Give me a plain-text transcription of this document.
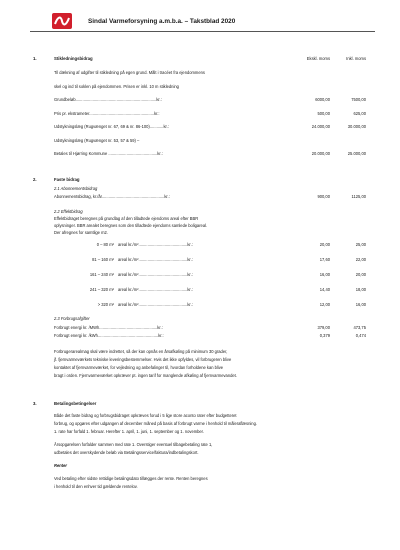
Sindal Varmeforsyning a.m.b.a. – Takstblad 2020
1.	Stikledningsbidrag	Ekskl. moms	Inkl. moms
Til dækning af udgifter til stikledning på egen grund. Målt i tracéet fra ejendommens
skel og ind til soklen på ejendommen. Prisen er inkl. 10 m stikledning
Grundbeløb.......................................................................kr.:	6000,00	7500,00
Pris pr. ekstrameter.........................................................kr.:	500,00	625,00
Udstykningslæg (Rugvænget nr. 67, 69 & nr. 86-100)............kr.:	24.000,00	30.000,00
Udstykningslæg (Rugvænget nr. 53, 57 & 59) –
Betales til Hjørring Kommune ...........................................kr.:	20.000,00	25.000,00
2.	Faste bidrag
2.1 Abonnementsbidrag
Abonnementsbidrag, kr./år.......................................................kr.:	900,00	1125,00
2.2 Effektbidrag
Effektbidraget beregnes på grundlag af den tilladtede ejendoms areal efter BBR
oplysninger. BBR arealet beregnes som den tilladtede ejendoms samlede boligareal.
Der afregnes for samtlige m2.
0 – 80 m² areal kr./m²...........................................kr.:	20,00	25,00
81 – 160 m² areal kr./m²...........................................kr.:	17,60	22,00
161 – 240 m² areal kr./m²...........................................kr.:	16,00	20,00
241 – 320 m² areal kr./m²...........................................kr.:	14,40	18,00
> 320 m² areal kr./m²...........................................kr.:	12,00	16,00
2.3 Forbrugsafgifter
Forbrugt energi kr. /MWh...................................................kr.:	379,00	473,75
Forbrugt energi kr. /kWh.....................................................kr.:	0,379	0,474
Forbrugerarealmag skal være indrettet, så der kan opnås en årsafkøling på minimum 30 grader,
jf. fjernvarmeværkets tekniske leveringsbestemmelser. Hvis det ikke opfyldes, vil forbrugeren blive
kontaktet af fjernvarmeværket, for vejledning og anbefalinger til, hvordan forholdene kan blive
bragt i orden. Fjernvarmeværket opkræver pt. ingen tarif for manglende afkøling af fjernvarmevandet.
3.	Betalingsbetingelser
Både det faste bidrag og forbrugsbidraget opkræves forud i 5 lige store aconto rater efter budgetteret
forbrug, og opgøres efter udgangen af december måned på basis af forbrugt varme i henhold til måleraflæsning.
1. rate har forfald 1. februar. Herefter 1. april, 1. juni, 1. september og 1. november.
Årsopgørelsen forfalder sammen med rate 1. Overstiger eventuel tilbagebetaling rate 1,
udbetales det overskydende beløb via Betalingsservice/faktura/indbetalingskort.
Renter
Ved betaling efter sidste rettidige betalingsdato tillægges der rente. Renten beregnes
i henhold til den enhver tid gældende rentelov.
